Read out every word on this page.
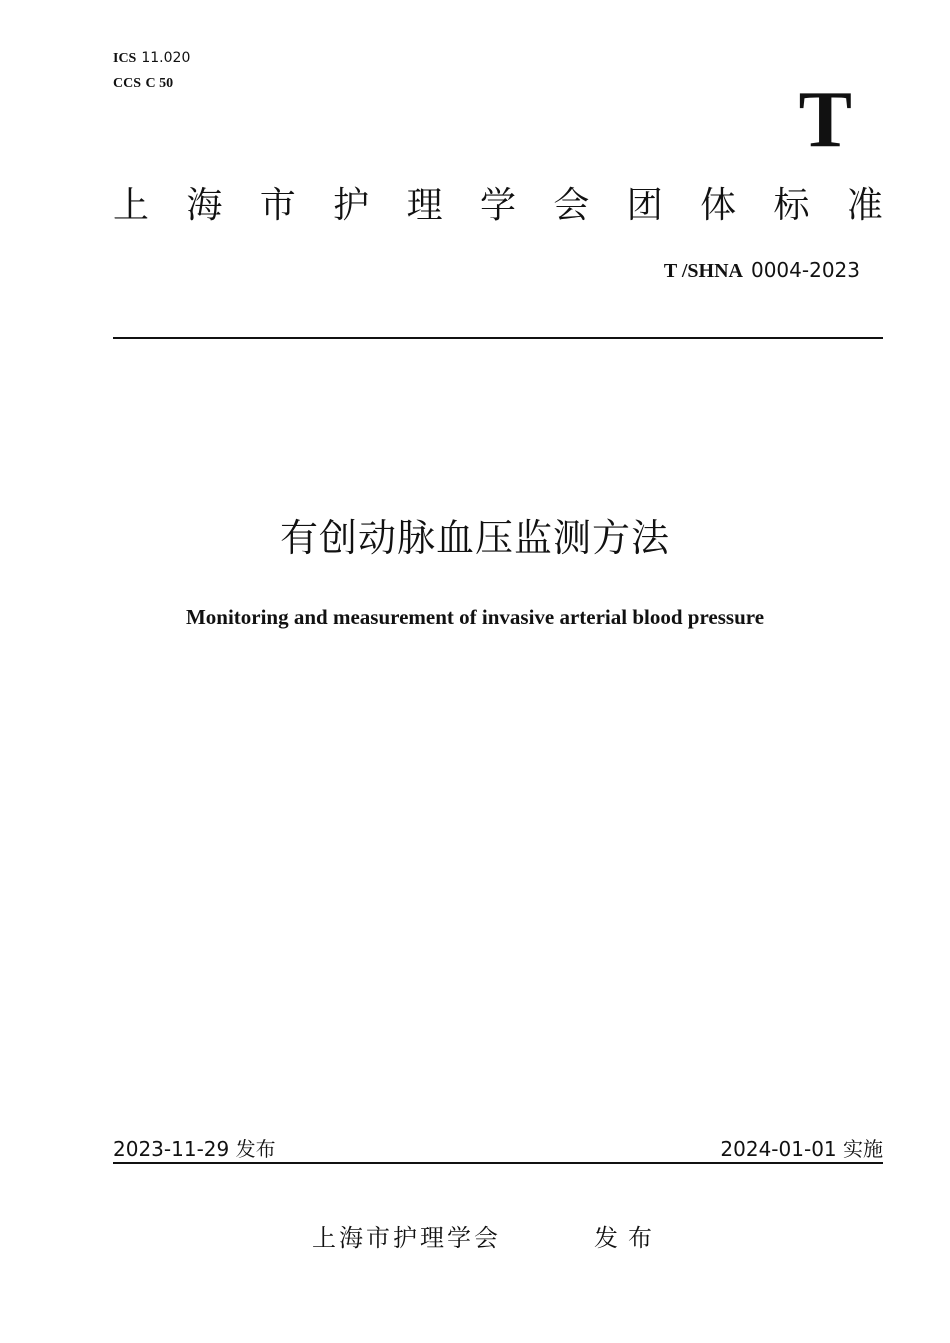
ICS 11.020
CCS C 50	T
上 海 市 护 理 学 会 团 体 标 准
T /SHNA 0004-2023
有创动脉血压监测方法
Monitoring and measurement of invasive arterial blood pressure
2023-11-29 发布	2024-01-01 实施
上海市护理学会	发布
